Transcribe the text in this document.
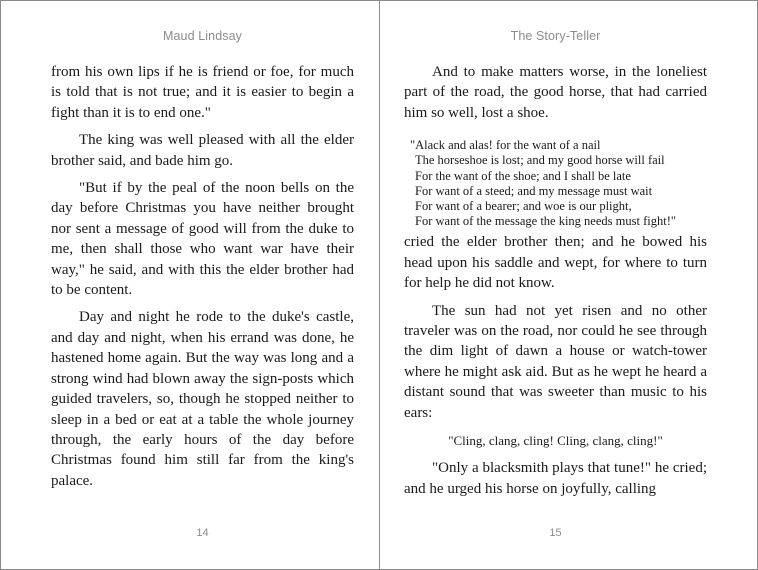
Maud Lindsay

from his own lips if he is friend or foe, for much is told that is not true; and it is easier to begin a fight than it is to end one."

The king was well pleased with all the elder brother said, and bade him go.

"But if by the peal of the noon bells on the day before Christmas you have neither brought nor sent a message of good will from the duke to me, then shall those who want war have their way," he said, and with this the elder brother had to be content.

Day and night he rode to the duke's castle, and day and night, when his errand was done, he hastened home again. But the way was long and a strong wind had blown away the sign-posts which guided travelers, so, though he stopped neither to sleep in a bed or eat at a table the whole journey through, the early hours of the day before Christmas found him still far from the king's palace.

14
The Story-Teller

And to make matters worse, in the loneliest part of the road, the good horse, that had carried him so well, lost a shoe.

"Alack and alas! for the want of a nail
The horseshoe is lost; and my good horse will fail
For the want of the shoe; and I shall be late
For want of a steed; and my message must wait
For want of a bearer; and woe is our plight,
For want of the message the king needs must fight!"

cried the elder brother then; and he bowed his head upon his saddle and wept, for where to turn for help he did not know.

The sun had not yet risen and no other traveler was on the road, nor could he see through the dim light of dawn a house or watch-tower where he might ask aid. But as he wept he heard a distant sound that was sweeter than music to his ears:

"Cling, clang, cling! Cling, clang, cling!"

"Only a blacksmith plays that tune!" he cried; and he urged his horse on joyfully, calling

15
